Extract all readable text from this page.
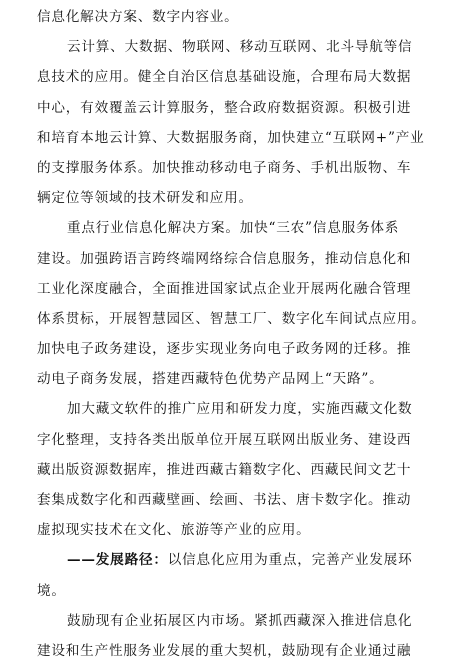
信息化解决方案、数字内容业。
云计算、大数据、物联网、移动互联网、北斗导航等信
息技术的应用。健全自治区信息基础设施，合理布局大数据
中心，有效覆盖云计算服务，整合政府数据资源。积极引进
和培育本地云计算、大数据服务商，加快建立“互联网+”产业
的支撑服务体系。加快推动移动电子商务、手机出版物、车
辆定位等领域的技术研发和应用。
重点行业信息化解决方案。加快“三农”信息服务体系
建设。加强跨语言跨终端网络综合信息服务，推动信息化和
工业化深度融合，全面推进国家试点企业开展两化融合管理
体系贯标，开展智慧园区、智慧工厂、数字化车间试点应用。
加快电子政务建设，逐步实现业务向电子政务网的迁移。推
动电子商务发展，搭建西藏特色优势产品网上“天路”。
加大藏文软件的推广应用和研发力度，实施西藏文化数
字化整理，支持各类出版单位开展互联网出版业务、建设西
藏出版资源数据库，推进西藏古籍数字化、西藏民间文艺十
套集成数字化和西藏壁画、绘画、书法、唐卡数字化。推动
虚拟现实技术在文化、旅游等产业的应用。
——发展路径：以信息化应用为重点，完善产业发展环
境。
鼓励现有企业拓展区内市场。紧抓西藏深入推进信息化
建设和生产性服务业发展的重大契机，鼓励现有企业通过融
